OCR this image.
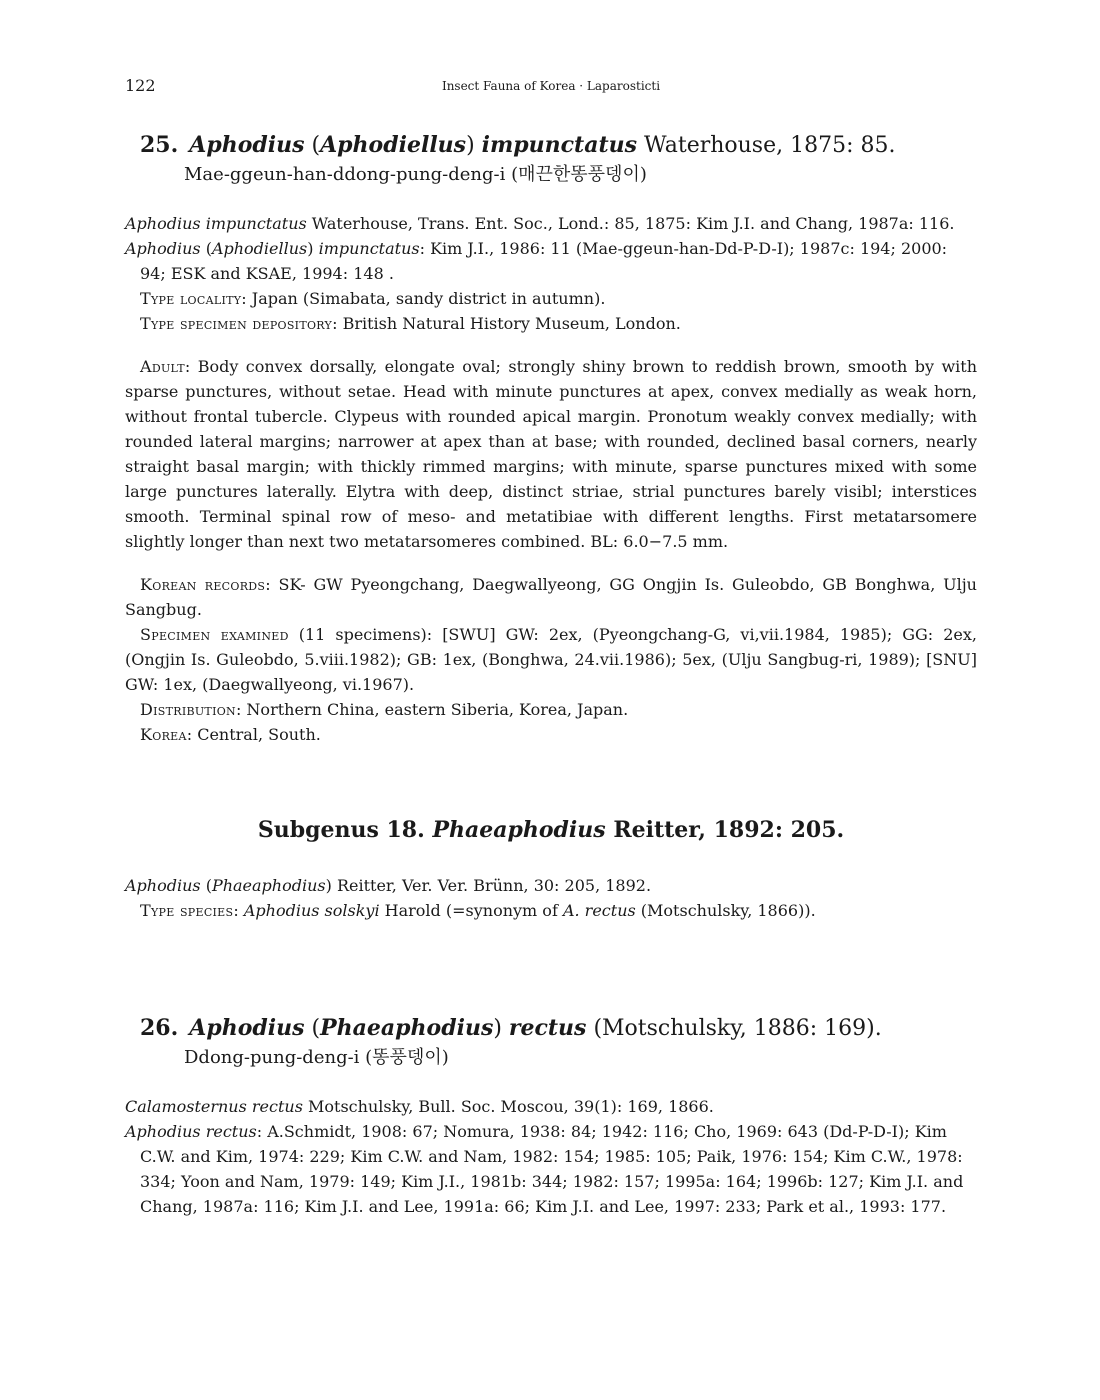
122	Insect Fauna of Korea · Laparosticti
25. Aphodius (Aphodiellus) impunctatus Waterhouse, 1875: 85.
Mae-ggeun-han-ddong-pung-deng-i (매끈한똥풍뎅이)

Aphodius impunctatus Waterhouse, Trans. Ent. Soc., Lond.: 85, 1875: Kim J.I. and Chang, 1987a: 116.

Aphodius (Aphodiellus) impunctatus: Kim J.I., 1986: 11 (Mae-ggeun-han-Dd-P-D-I); 1987c: 194; 2000: 94; ESK and KSAE, 1994: 148 .

Type locality: Japan (Simabata, sandy district in autumn).

Type specimen depository: British Natural History Museum, London.

Adult: Body convex dorsally, elongate oval; strongly shiny brown to reddish brown, smooth by with sparse punctures, without setae. Head with minute punctures at apex, convex medially as weak horn, without frontal tubercle. Clypeus with rounded apical margin. Pronotum weakly convex medially; with rounded lateral margins; narrower at apex than at base; with rounded, declined basal corners, nearly straight basal margin; with thickly rimmed margins; with minute, sparse punctures mixed with some large punctures laterally. Elytra with deep, distinct striae, strial punctures barely visibl; interstices smooth. Terminal spinal row of meso- and metatibiae with different lengths. First metatarsomere slightly longer than next two metatarsomeres combined. BL: 6.0−7.5 mm.

Korean records: SK- GW Pyeongchang, Daegwallyeong, GG Ongjin Is. Guleobdo, GB Bonghwa, Ulju Sangbug.

Specimen examined (11 specimens): [SWU] GW: 2ex, (Pyeongchang-G, vi,vii.1984, 1985); GG: 2ex, (Ongjin Is. Guleobdo, 5.viii.1982); GB: 1ex, (Bonghwa, 24.vii.1986); 5ex, (Ulju Sangbug-ri, 1989); [SNU] GW: 1ex, (Daegwallyeong, vi.1967).

Distribution: Northern China, eastern Siberia, Korea, Japan.

Korea: Central, South.

Subgenus 18. Phaeaphodius Reitter, 1892: 205.

Aphodius (Phaeaphodius) Reitter, Ver. Ver. Brünn, 30: 205, 1892.

Type species: Aphodius solskyi Harold (=synonym of A. rectus (Motschulsky, 1866)).

26. Aphodius (Phaeaphodius) rectus (Motschulsky, 1886: 169).
Ddong-pung-deng-i (똥풍뎅이)

Calamosternus rectus Motschulsky, Bull. Soc. Moscou, 39(1): 169, 1866.

Aphodius rectus: A.Schmidt, 1908: 67; Nomura, 1938: 84; 1942: 116; Cho, 1969: 643 (Dd-P-D-I); Kim C.W. and Kim, 1974: 229; Kim C.W. and Nam, 1982: 154; 1985: 105; Paik, 1976: 154; Kim C.W., 1978: 334; Yoon and Nam, 1979: 149; Kim J.I., 1981b: 344; 1982: 157; 1995a: 164; 1996b: 127; Kim J.I. and Chang, 1987a: 116; Kim J.I. and Lee, 1991a: 66; Kim J.I. and Lee, 1997: 233; Park et al., 1993: 177.
